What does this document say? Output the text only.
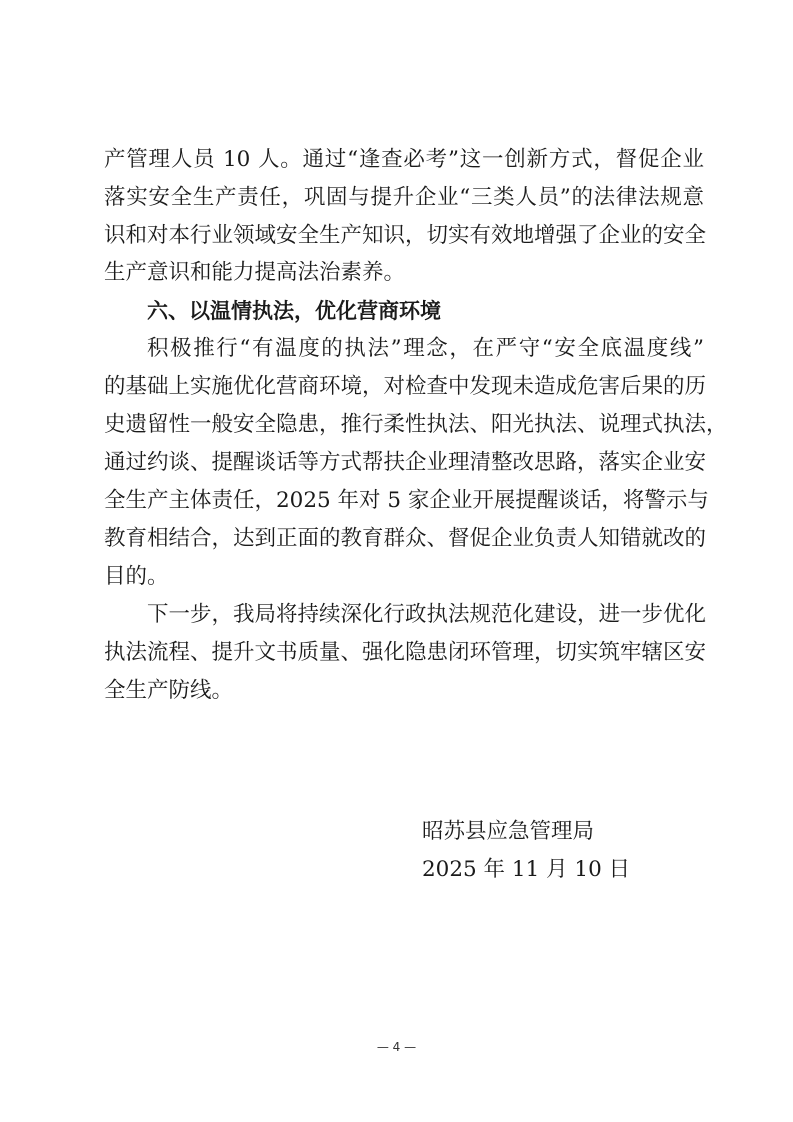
产管理人员 10 人。通过“逢查必考”这一创新方式，督促企业
落实安全生产责任，巩固与提升企业“三类人员”的法律法规意
识和对本行业领域安全生产知识，切实有效地增强了企业的安全
生产意识和能力提高法治素养。
六、以温情执法，优化营商环境
积极推行“有温度的执法”理念，在严守“安全底温度线”
的基础上实施优化营商环境，对检查中发现未造成危害后果的历
史遗留性一般安全隐患，推行柔性执法、阳光执法、说理式执法，
通过约谈、提醒谈话等方式帮扶企业理清整改思路，落实企业安
全生产主体责任，2025 年对 5 家企业开展提醒谈话，将警示与
教育相结合，达到正面的教育群众、督促企业负责人知错就改的
目的。
下一步，我局将持续深化行政执法规范化建设，进一步优化
执法流程、提升文书质量、强化隐患闭环管理，切实筑牢辖区安
全生产防线。
昭苏县应急管理局
2025 年 11 月 10 日
— 4 —
